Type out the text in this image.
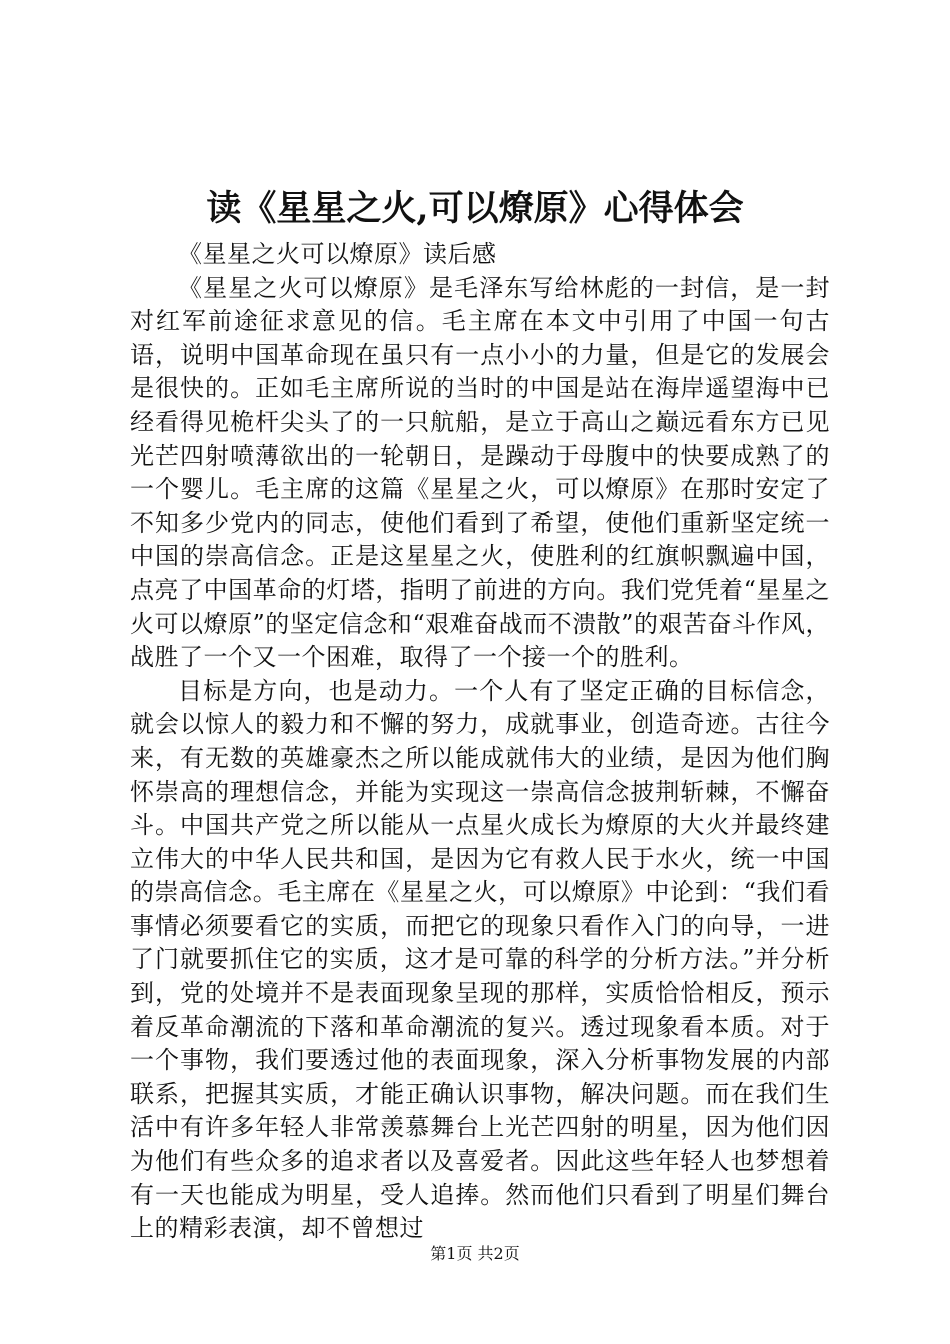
读《星星之火,可以燎原》心得体会

《星星之火可以燎原》读后感

《星星之火可以燎原》是毛泽东写给林彪的一封信，是一封对红军前途征求意见的信。毛主席在本文中引用了中国一句古语，说明中国革命现在虽只有一点小小的力量，但是它的发展会是很快的。正如毛主席所说的当时的中国是站在海岸遥望海中已经看得见桅杆尖头了的一只航船，是立于高山之巅远看东方已见光芒四射喷薄欲出的一轮朝日，是躁动于母腹中的快要成熟了的一个婴儿。毛主席的这篇《星星之火，可以燎原》在那时安定了不知多少党内的同志，使他们看到了希望，使他们重新坚定统一中国的崇高信念。正是这星星之火，使胜利的红旗帜飘遍中国，点亮了中国革命的灯塔，指明了前进的方向。我们党凭着“星星之火可以燎原”的坚定信念和“艰难奋战而不溃散”的艰苦奋斗作风，战胜了一个又一个困难，取得了一个接一个的胜利。

目标是方向，也是动力。一个人有了坚定正确的目标信念，就会以惊人的毅力和不懈的努力，成就事业，创造奇迹。古往今来，有无数的英雄豪杰之所以能成就伟大的业绩，是因为他们胸怀崇高的理想信念，并能为实现这一崇高信念披荆斩棘，不懈奋斗。中国共产党之所以能从一点星火成长为燎原的大火并最终建立伟大的中华人民共和国，是因为它有救人民于水火，统一中国的崇高信念。毛主席在《星星之火，可以燎原》中论到：“我们看事情必须要看它的实质，而把它的现象只看作入门的向导，一进了门就要抓住它的实质，这才是可靠的科学的分析方法。”并分析到，党的处境并不是表面现象呈现的那样，实质恰恰相反，预示着反革命潮流的下落和革命潮流的复兴。透过现象看本质。对于一个事物，我们要透过他的表面现象，深入分析事物发展的内部联系，把握其实质，才能正确认识事物，解决问题。而在我们生活中有许多年轻人非常羡慕舞台上光芒四射的明星，因为他们因为他们有些众多的追求者以及喜爱者。因此这些年轻人也梦想着有一天也能成为明星，受人追捧。然而他们只看到了明星们舞台上的精彩表演，却不曾想过

第1页 共2页
